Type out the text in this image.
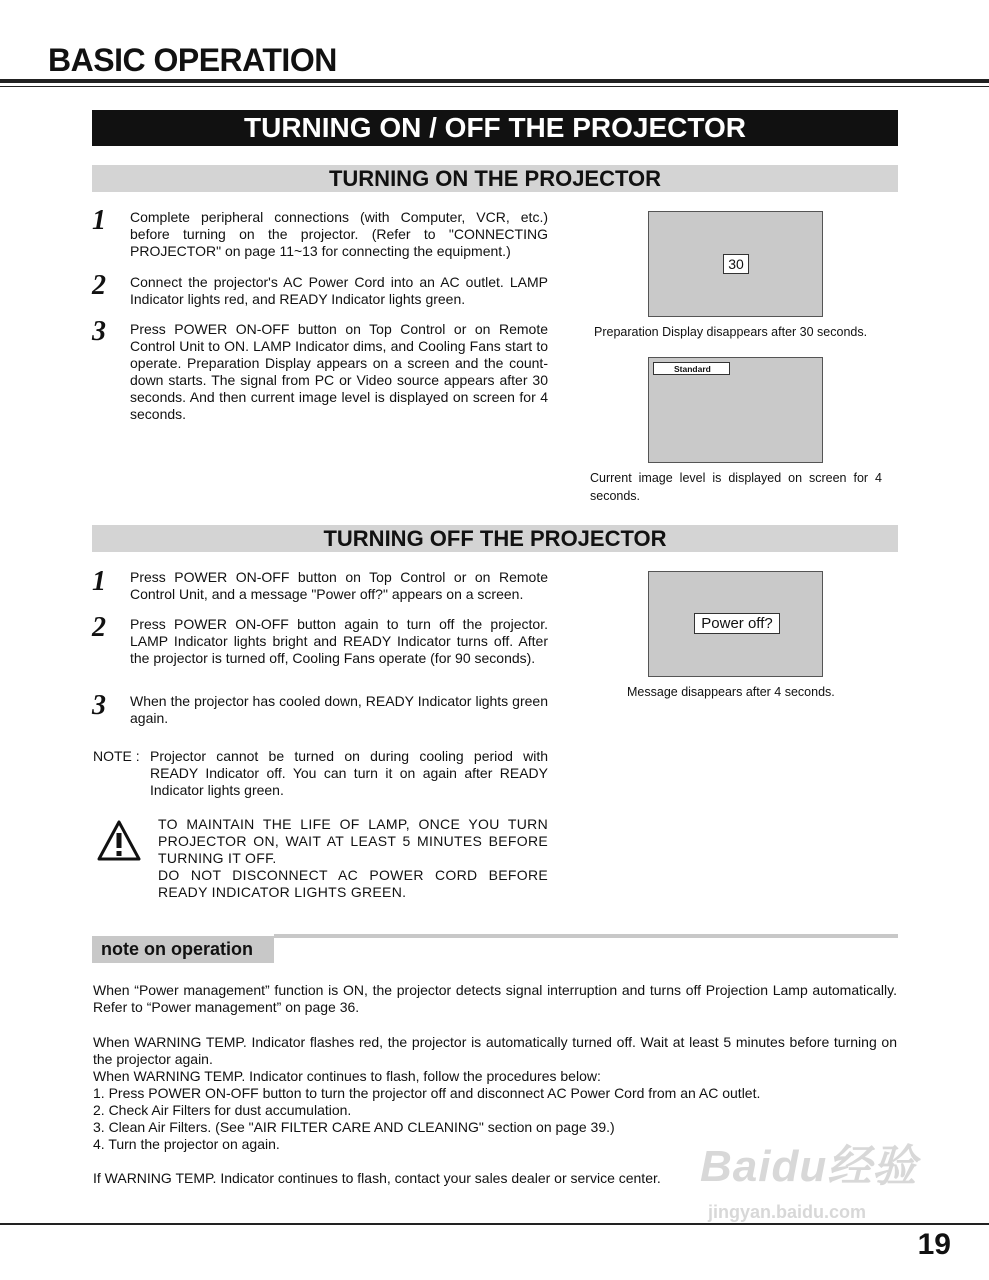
BASIC OPERATION
TURNING ON / OFF THE PROJECTOR
TURNING ON THE PROJECTOR
1 Complete peripheral connections (with Computer, VCR, etc.) before turning on the projector. (Refer to "CONNECTING PROJECTOR" on page 11~13 for connecting the equipment.)
2 Connect the projector's AC Power Cord into an AC outlet. LAMP Indicator lights red, and READY Indicator lights green.
3 Press POWER ON-OFF button on Top Control or on Remote Control Unit to ON. LAMP Indicator dims, and Cooling Fans start to operate. Preparation Display appears on a screen and the count-down starts. The signal from PC or Video source appears after 30 seconds. And then current image level is displayed on screen for 4 seconds.
30
Preparation Display disappears after 30 seconds.
Standard
Current image level is displayed on screen for 4 seconds.
TURNING OFF THE PROJECTOR
1 Press POWER ON-OFF button on Top Control or on Remote Control Unit, and a message "Power off?" appears on a screen.
2 Press POWER ON-OFF button again to turn off the projector. LAMP Indicator lights bright and READY Indicator turns off. After the projector is turned off, Cooling Fans operate (for 90 seconds).
3 When the projector has cooled down, READY Indicator lights green again.
Power off?
Message disappears after 4 seconds.
NOTE : Projector cannot be turned on during cooling period with READY Indicator off. You can turn it on again after READY Indicator lights green.
TO MAINTAIN THE LIFE OF LAMP, ONCE YOU TURN PROJECTOR ON, WAIT AT LEAST 5 MINUTES BEFORE TURNING IT OFF.
DO NOT DISCONNECT AC POWER CORD BEFORE READY INDICATOR LIGHTS GREEN.
note on operation
When “Power management” function is ON, the projector detects signal interruption and turns off Projection Lamp automatically. Refer to “Power management” on page 36.
When WARNING TEMP. Indicator flashes red, the projector is automatically turned off. Wait at least 5 minutes before turning on the projector again.
When WARNING TEMP. Indicator continues to flash, follow the procedures below:
1. Press POWER ON-OFF button to turn the projector off and disconnect AC Power Cord from an AC outlet.
2. Check Air Filters for dust accumulation.
3. Clean Air Filters. (See "AIR FILTER CARE AND CLEANING" section on page 39.)
4. Turn the projector on again.
If WARNING TEMP. Indicator continues to flash, contact your sales dealer or service center. Baidu经验
jingyan.baidu.com
19
